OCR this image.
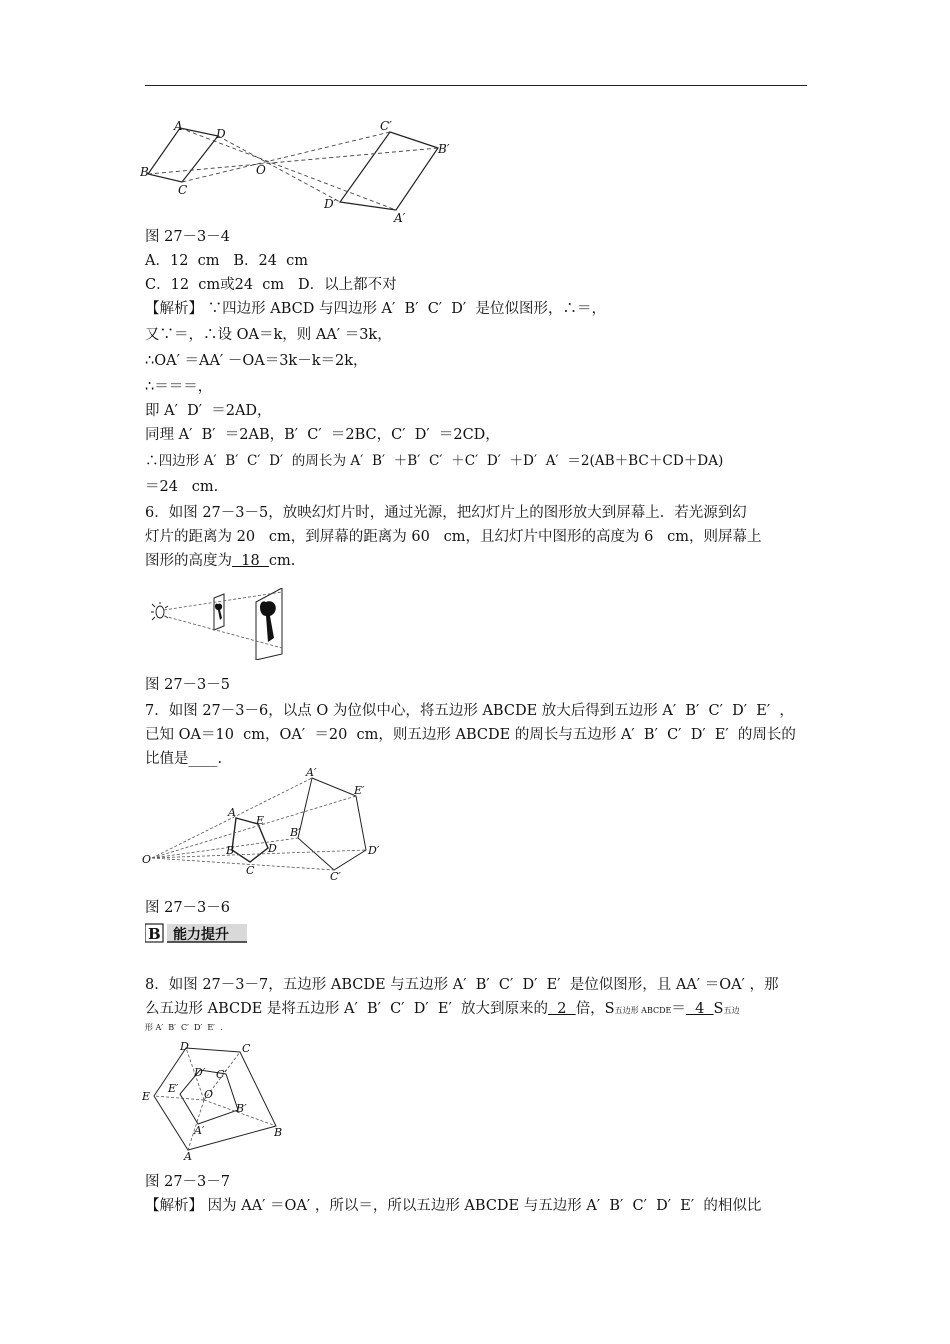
A
D
B
C
O
C′
B′
D′
A′
图 27－3－4
A．12  cm   B．24  cm
C．12  cm或24  cm   D．以上都不对
【解析】 ∵四边形 ABCD 与四边形 A′  B′  C′  D′  是位似图形，∴＝，
又∵＝，∴设 OA＝k，则 AA′ ＝3k，
∴OA′ ＝AA′ －OA＝3k－k＝2k，
∴＝＝＝，
即 A′  D′  ＝2AD，
同理 A′  B′  ＝2AB，B′  C′  ＝2BC，C′  D′  ＝2CD，
∴四边形 A′  B′  C′  D′  的周长为 A′  B′  ＋B′  C′  ＋C′  D′  ＋D′  A′  ＝2(AB＋BC＋CD＋DA)
＝24   cm.
6．如图 27－3－5，放映幻灯片时，通过光源，把幻灯片上的图形放大到屏幕上．若光源到幻
灯片的距离为 20   cm，到屏幕的距离为 60   cm，且幻灯片中图形的高度为 6   cm，则屏幕上
图形的高度为  18  cm.
图 27－3－5
7．如图 27－3－6，以点 O 为位似中心，将五边形 ABCDE 放大后得到五边形 A′  B′  C′  D′  E′  ，
已知 OA＝10  cm，OA′  ＝20  cm，则五边形 ABCDE 的周长与五边形 A′  B′  C′  D′  E′  的周长的
比值是____.
A
E
B	D
C
O
A′
E′
B′
D′
C′
图 27－3－6
B 能力提升
8．如图 27－3－7，五边形 ABCDE 与五边形 A′  B′  C′  D′  E′  是位似图形，且 AA′ ＝OA′ ，那
么五边形 ABCDE 是将五边形 A′  B′  C′  D′  E′  放大到原来的  2  倍，S五边形 ABCDE＝  4  S五边
形 A′  B′  C′  D′  E′  .
D	C
D′ C′
E
E′ O
B′
A′	B
A
图 27－3－7
【解析】 因为 AA′ ＝OA′ ，所以＝，所以五边形 ABCDE 与五边形 A′  B′  C′  D′  E′  的相似比
